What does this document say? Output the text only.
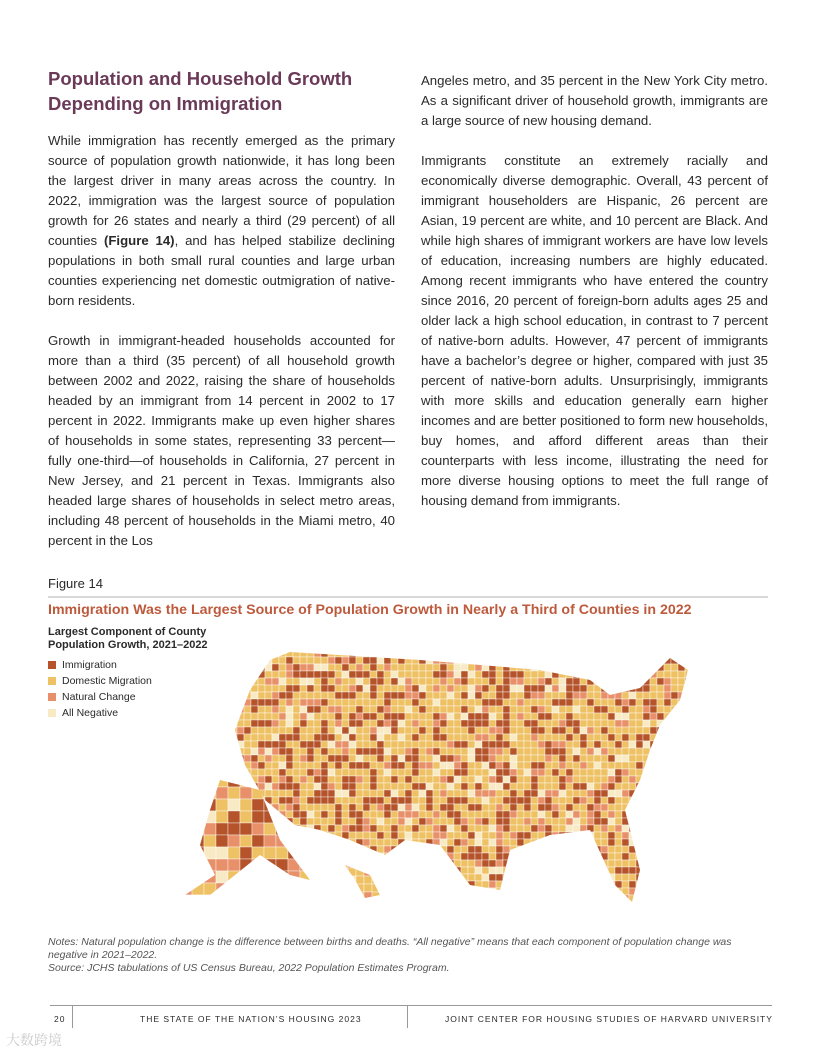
Population and Household Growth Depending on Immigration

While immigration has recently emerged as the primary source of population growth nationwide, it has long been the largest driver in many areas across the country. In 2022, immigration was the largest source of population growth for 26 states and nearly a third (29 percent) of all counties (Figure 14), and has helped stabilize declining populations in both small rural counties and large urban counties experiencing net domestic outmigration of native-born residents.

Growth in immigrant-headed households accounted for more than a third (35 percent) of all household growth between 2002 and 2022, raising the share of households headed by an immigrant from 14 percent in 2002 to 17 percent in 2022. Immigrants make up even higher shares of households in some states, representing 33 percent—fully one-third—of households in California, 27 percent in New Jersey, and 21 percent in Texas. Immigrants also headed large shares of households in select metro areas, including 48 percent of households in the Miami metro, 40 percent in the Los

Angeles metro, and 35 percent in the New York City metro. As a significant driver of household growth, immigrants are a large source of new housing demand.

Immigrants constitute an extremely racially and economically diverse demographic. Overall, 43 percent of immigrant householders are Hispanic, 26 percent are Asian, 19 percent are white, and 10 percent are Black. And while high shares of immigrant workers are have low levels of education, increasing numbers are highly educated. Among recent immigrants who have entered the country since 2016, 20 percent of foreign-born adults ages 25 and older lack a high school education, in contrast to 7 percent of native-born adults. However, 47 percent of immigrants have a bachelor’s degree or higher, compared with just 35 percent of native-born adults. Unsurprisingly, immigrants with more skills and education generally earn higher incomes and are better positioned to form new households, buy homes, and afford different areas than their counterparts with less income, illustrating the need for more diverse housing options to meet the full range of housing demand from immigrants.

Figure 14
Immigration Was the Largest Source of Population Growth in Nearly a Third of Counties in 2022
Largest Component of County
Population Growth, 2021–2022
Immigration
Domestic Migration
Natural Change
All Negative
Notes: Natural population change is the difference between births and deaths. “All negative” means that each component of population change was negative in 2021–2022.
Source: JCHS tabulations of US Census Bureau, 2022 Population Estimates Program.
20	THE STATE OF THE NATION’S HOUSING 2023	JOINT CENTER FOR HOUSING STUDIES OF HARVARD UNIVERSITY
大数跨境
